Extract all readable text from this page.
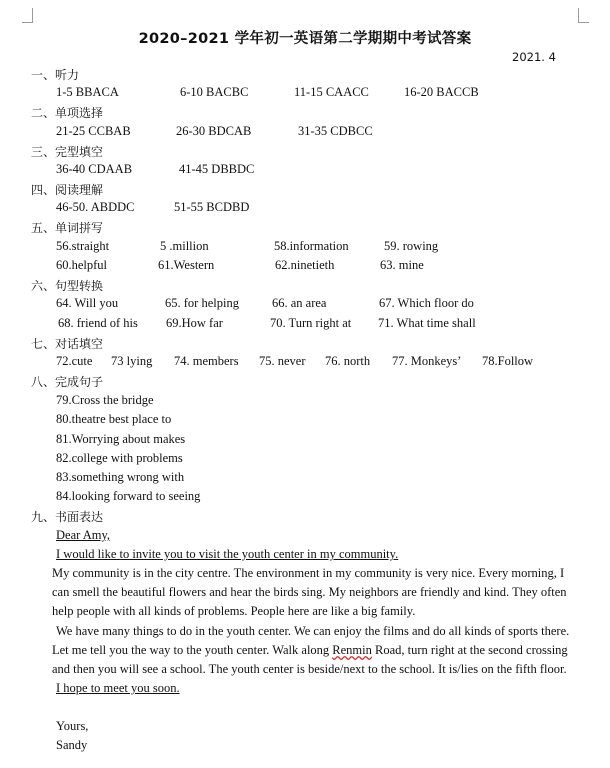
2020–2021 学年初一英语第二学期期中考试答案
2021. 4
一、听力
1-5 BBACA	6-10 BACBC	11-15 CAACC	16-20 BACCB
二、单项选择
21-25 CCBAB	26-30 BDCAB	31-35 CDBCC
三、完型填空
36-40 CDAAB	41-45 DBBDC
四、阅读理解
46-50. ABDDC	51-55 BCDBD
五、单词拼写
56.straight	5 .million	58.information	59. rowing
60.helpful	61.Western	62.ninetieth	63. mine
六、句型转换
64. Will you	65. for helping	66. an area	67. Which floor do
68. friend of his 69.How far	70. Turn right at 71. What time shall
七、对话填空
72.cute 73 lying 74. members 75. never 76. north 77. Monkeys’ 78.Follow
八、完成句子
79.Cross the bridge
80.theatre best place to
81.Worrying about makes
82.college with problems
83.something wrong with
84.looking forward to seeing
九、书面表达
Dear Amy,
I would like to invite you to visit the youth center in my community.
My community is in the city centre. The environment in my community is very nice. Every morning, I
can smell the beautiful flowers and hear the birds sing. My neighbors are friendly and kind. They often
help people with all kinds of problems. People here are like a big family.
We have many things to do in the youth center. We can enjoy the films and do all kinds of sports there.
Let me tell you the way to the youth center. Walk along Renmin Road, turn right at the second crossing
and then you will see a school. The youth center is beside/next to the school. It is/lies on the fifth floor.
I hope to meet you soon.
Yours,
Sandy
